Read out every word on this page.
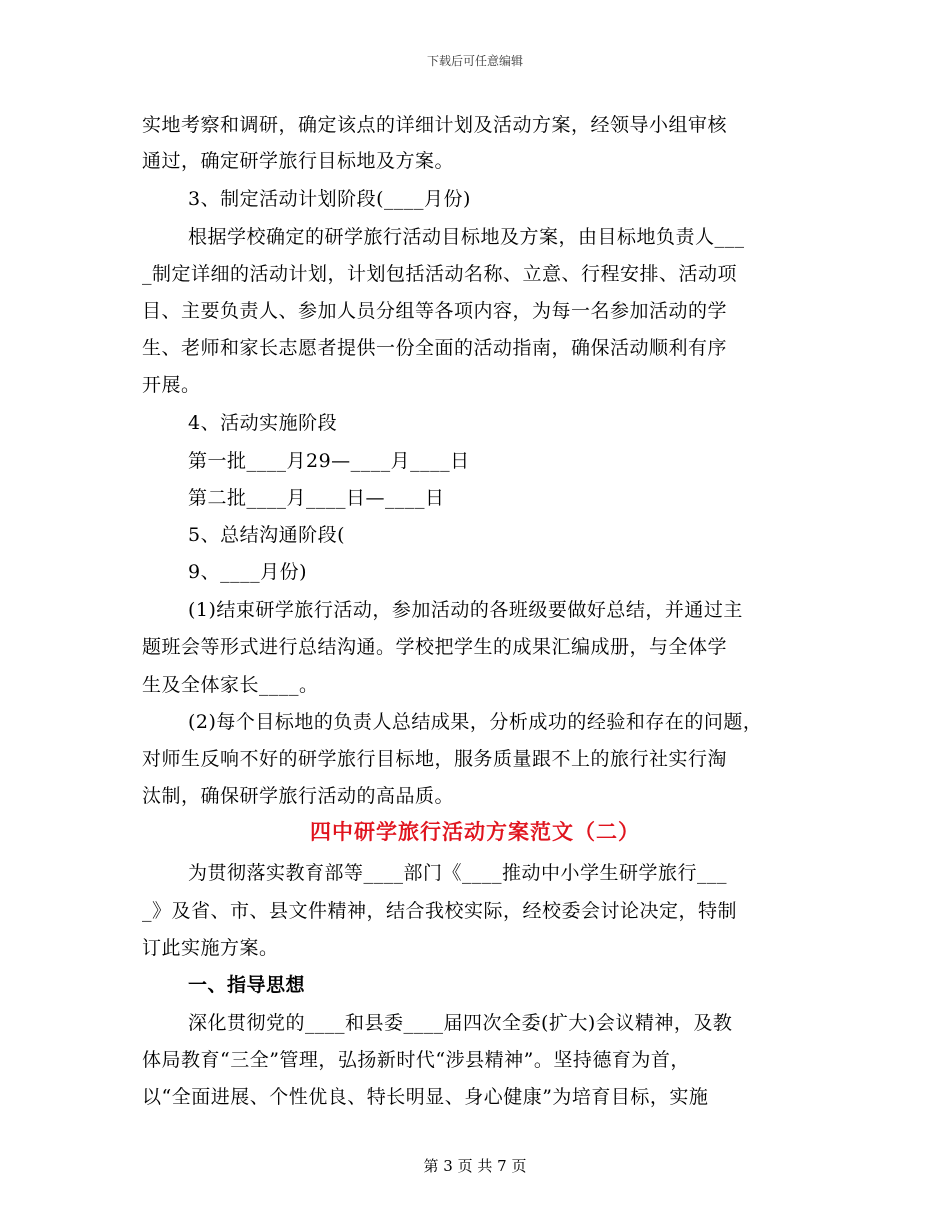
下载后可任意编辑
实地考察和调研，确定该点的详细计划及活动方案，经领导小组审核
通过，确定研学旅行目标地及方案。
3、制定活动计划阶段(____月份)
根据学校确定的研学旅行活动目标地及方案，由目标地负责人___
_制定详细的活动计划，计划包括活动名称、立意、行程安排、活动项
目、主要负责人、参加人员分组等各项内容，为每一名参加活动的学
生、老师和家长志愿者提供一份全面的活动指南，确保活动顺利有序
开展。
4、活动实施阶段
第一批____月29—____月____日
第二批____月____日—____日
5、总结沟通阶段(
9、____月份)
(1)结束研学旅行活动，参加活动的各班级要做好总结，并通过主
题班会等形式进行总结沟通。学校把学生的成果汇编成册，与全体学
生及全体家长____。
(2)每个目标地的负责人总结成果，分析成功的经验和存在的问题，
对师生反响不好的研学旅行目标地，服务质量跟不上的旅行社实行淘
汰制，确保研学旅行活动的高品质。
四中研学旅行活动方案范文（二）
为贯彻落实教育部等____部门《____推动中小学生研学旅行___
_》及省、市、县文件精神，结合我校实际，经校委会讨论决定，特制
订此实施方案。
一、指导思想
深化贯彻党的____和县委____届四次全委(扩大)会议精神，及教
体局教育“三全”管理，弘扬新时代“涉县精神”。坚持德育为首，
以“全面进展、个性优良、特长明显、身心健康”为培育目标，实施
第 3 页 共 7 页
